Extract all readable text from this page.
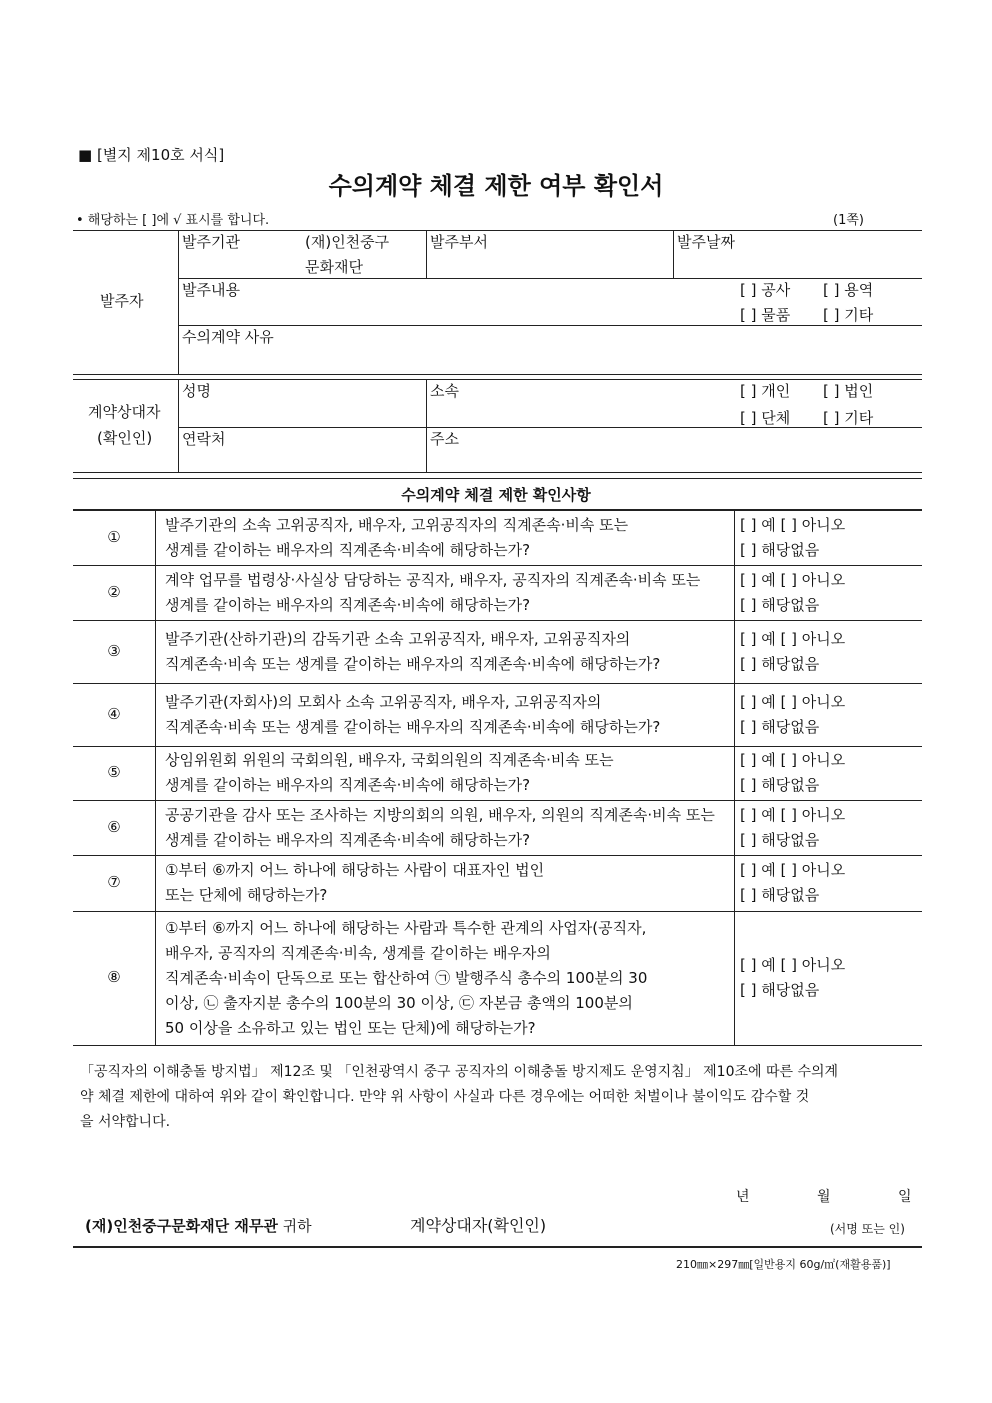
■ [별지 제10호 서식]
수의계약 체결 제한 여부 확인서
• 해당하는 [ ]에 √ 표시를 합니다.	(1쪽)
발주자
발주기관	(재)인천중구
문화재단
발주부서	발주날짜
발주내용	[ ] 공사 [ ] 용역
[ ] 물품 [ ] 기타
수의계약 사유
계약상대자
(확인인)
성명	소속	[ ] 개인 [ ] 법인
[ ] 단체 [ ] 기타
연락처	주소
수의계약 체결 제한 확인사항
①
발주기관의 소속 고위공직자, 배우자, 고위공직자의 직계존속·비속 또는
생계를 같이하는 배우자의 직계존속·비속에 해당하는가?
[ ] 예 [ ] 아니오
[ ] 해당없음
②
계약 업무를 법령상·사실상 담당하는 공직자, 배우자, 공직자의 직계존속·비속 또는
생계를 같이하는 배우자의 직계존속·비속에 해당하는가?
[ ] 예 [ ] 아니오
[ ] 해당없음
③
발주기관(산하기관)의 감독기관 소속 고위공직자, 배우자, 고위공직자의
직계존속·비속 또는 생계를 같이하는 배우자의 직계존속·비속에 해당하는가?
[ ] 예 [ ] 아니오
[ ] 해당없음
④
발주기관(자회사)의 모회사 소속 고위공직자, 배우자, 고위공직자의
직계존속·비속 또는 생계를 같이하는 배우자의 직계존속·비속에 해당하는가?
[ ] 예 [ ] 아니오
[ ] 해당없음
⑤
상임위원회 위원의 국회의원, 배우자, 국회의원의 직계존속·비속 또는
생계를 같이하는 배우자의 직계존속·비속에 해당하는가?
[ ] 예 [ ] 아니오
[ ] 해당없음
⑥
공공기관을 감사 또는 조사하는 지방의회의 의원, 배우자, 의원의 직계존속·비속 또는
생계를 같이하는 배우자의 직계존속·비속에 해당하는가?
[ ] 예 [ ] 아니오
[ ] 해당없음
⑦
①부터 ⑥까지 어느 하나에 해당하는 사람이 대표자인 법인
또는 단체에 해당하는가?
[ ] 예 [ ] 아니오
[ ] 해당없음
⑧
①부터 ⑥까지 어느 하나에 해당하는 사람과 특수한 관계의 사업자(공직자,
배우자, 공직자의 직계존속·비속, 생계를 같이하는 배우자의
직계존속·비속이 단독으로 또는 합산하여 ㉠ 발행주식 총수의 100분의 30
이상, ㉡ 출자지분 총수의 100분의 30 이상, ㉢ 자본금 총액의 100분의
50 이상을 소유하고 있는 법인 또는 단체)에 해당하는가?
[ ] 예 [ ] 아니오
[ ] 해당없음
「공직자의 이해충돌 방지법」 제12조 및 「인천광역시 중구 공직자의 이해충돌 방지제도 운영지침」 제10조에 따른 수의계
약 체결 제한에 대하여 위와 같이 확인합니다. 만약 위 사항이 사실과 다른 경우에는 어떠한 처벌이나 불이익도 감수할 것
을 서약합니다.
년	월	일
(재)인천중구문화재단 재무관 귀하	계약상대자(확인인)	(서명 또는 인)
210㎜×297㎜[일반용지 60g/㎡(재활용품)]
